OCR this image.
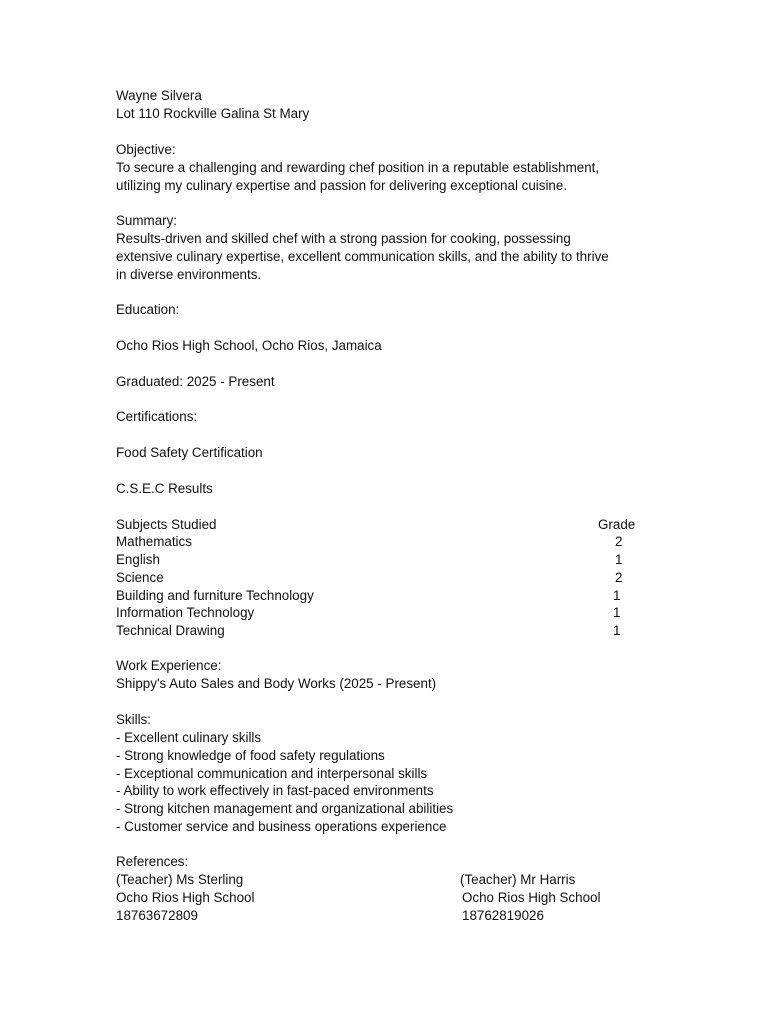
Wayne Silvera
Lot 110 Rockville Galina St Mary
Objective:
To secure a challenging and rewarding chef position in a reputable establishment,
utilizing my culinary expertise and passion for delivering exceptional cuisine.
Summary:
Results-driven and skilled chef with a strong passion for cooking, possessing
extensive culinary expertise, excellent communication skills, and the ability to thrive
in diverse environments.
Education:
Ocho Rios High School, Ocho Rios, Jamaica
Graduated: 2025 - Present
Certifications:
Food Safety Certification
C.S.E.C Results
Subjects Studied	Grade
Mathematics	2
English	1
Science	2
Building and furniture Technology	1
Information Technology	1
Technical Drawing	1
Work Experience:
Shippy's Auto Sales and Body Works (2025 - Present)
Skills:
- Excellent culinary skills
- Strong knowledge of food safety regulations
- Exceptional communication and interpersonal skills
- Ability to work effectively in fast-paced environments
- Strong kitchen management and organizational abilities
- Customer service and business operations experience
References:
(Teacher) Ms Sterling	(Teacher) Mr Harris
Ocho Rios High School	Ocho Rios High School
18763672809	18762819026
